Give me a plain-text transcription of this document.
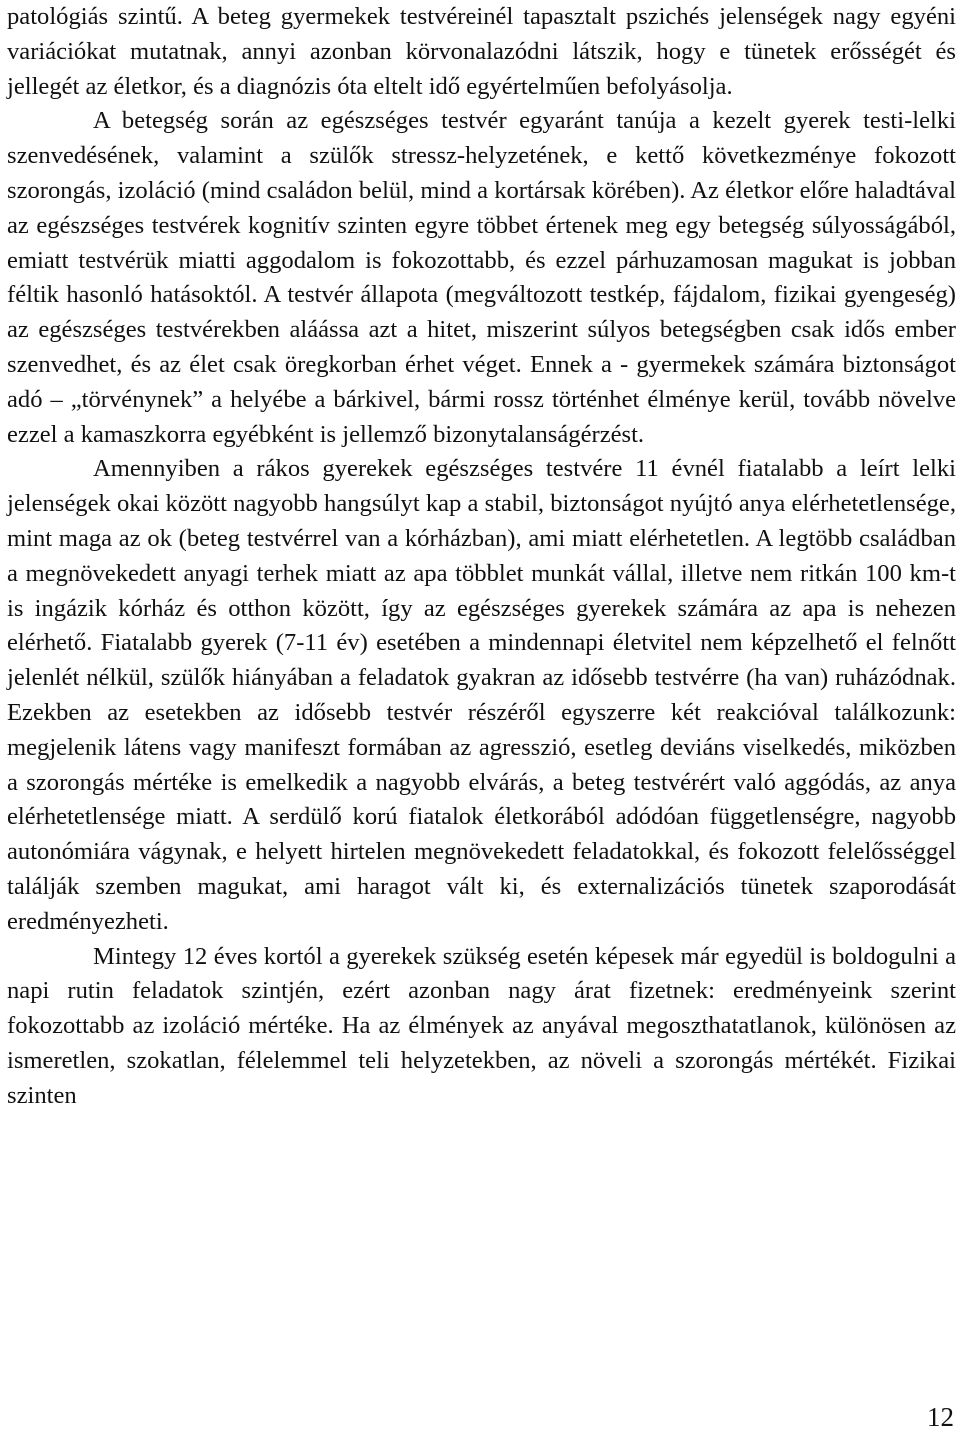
patológiás szintű. A beteg gyermekek testvéreinél tapasztalt pszichés jelenségek nagy egyéni variációkat mutatnak, annyi azonban körvonalazódni látszik, hogy e tünetek erősségét és jellegét az életkor, és a diagnózis óta eltelt idő egyértelműen befolyásolja.

A betegség során az egészséges testvér egyaránt tanúja a kezelt gyerek testi-lelki szenvedésének, valamint a szülők stressz-helyzetének, e kettő következménye fokozott szorongás, izoláció (mind családon belül, mind a kortársak körében). Az életkor előre haladtával az egészséges testvérek kognitív szinten egyre többet értenek meg egy betegség súlyosságából, emiatt testvérük miatti aggodalom is fokozottabb, és ezzel párhuzamosan magukat is jobban féltik hasonló hatásoktól. A testvér állapota (megváltozott testkép, fájdalom, fizikai gyengeség) az egészséges testvérekben aláássa azt a hitet, miszerint súlyos betegségben csak idős ember szenvedhet, és az élet csak öregkorban érhet véget. Ennek a - gyermekek számára biztonságot adó – „törvénynek” a helyébe a bárkivel, bármi rossz történhet élménye kerül, tovább növelve ezzel a kamaszkorra egyébként is jellemző bizonytalanságérzést.

Amennyiben a rákos gyerekek egészséges testvére 11 évnél fiatalabb a leírt lelki jelenségek okai között nagyobb hangsúlyt kap a stabil, biztonságot nyújtó anya elérhetetlensége, mint maga az ok (beteg testvérrel van a kórházban), ami miatt elérhetetlen. A legtöbb családban a megnövekedett anyagi terhek miatt az apa többlet munkát vállal, illetve nem ritkán 100 km-t is ingázik kórház és otthon között, így az egészséges gyerekek számára az apa is nehezen elérhető. Fiatalabb gyerek (7-11 év) esetében a mindennapi életvitel nem képzelhető el felnőtt jelenlét nélkül, szülők hiányában a feladatok gyakran az idősebb testvérre (ha van) ruházódnak. Ezekben az esetekben az idősebb testvér részéről egyszerre két reakcióval találkozunk: megjelenik látens vagy manifeszt formában az agresszió, esetleg deviáns viselkedés, miközben a szorongás mértéke is emelkedik a nagyobb elvárás, a beteg testvérért való aggódás, az anya elérhetetlensége miatt. A serdülő korú fiatalok életkorából adódóan függetlenségre, nagyobb autonómiára vágynak, e helyett hirtelen megnövekedett feladatokkal, és fokozott felelősséggel találják szemben magukat, ami haragot vált ki, és externalizációs tünetek szaporodását eredményezheti.

Mintegy 12 éves kortól a gyerekek szükség esetén képesek már egyedül is boldogulni a napi rutin feladatok szintjén, ezért azonban nagy árat fizetnek: eredményeink szerint fokozottabb az izoláció mértéke. Ha az élmények az anyával megoszthatatlanok, különösen az ismeretlen, szokatlan, félelemmel teli helyzetekben, az növeli a szorongás mértékét. Fizikai szinten

12
